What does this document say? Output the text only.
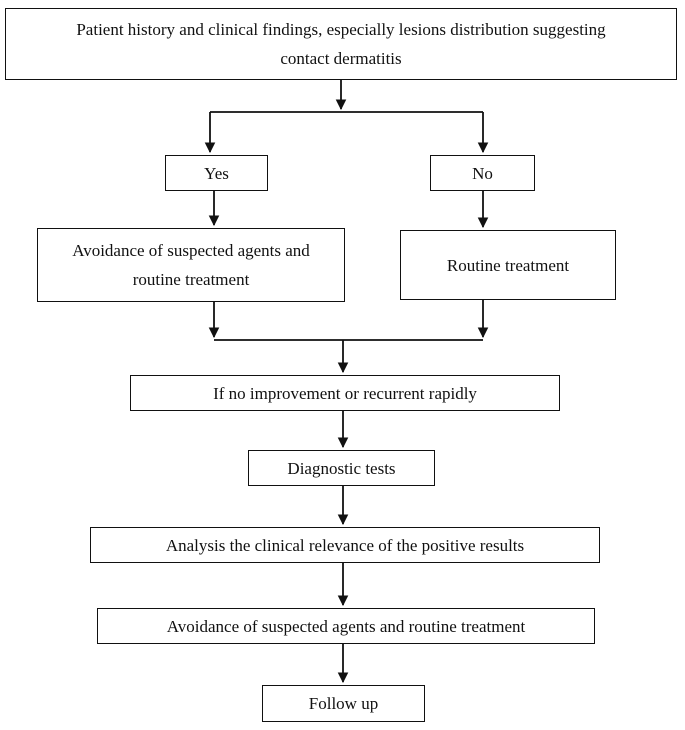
Patient history and clinical findings, especially lesions distribution suggesting
contact dermatitis
Yes	No
Avoidance of suspected agents and
routine treatment
Routine treatment
If no improvement or recurrent rapidly
Diagnostic tests
Analysis the clinical relevance of the positive results
Avoidance of suspected agents and routine treatment
Follow up
